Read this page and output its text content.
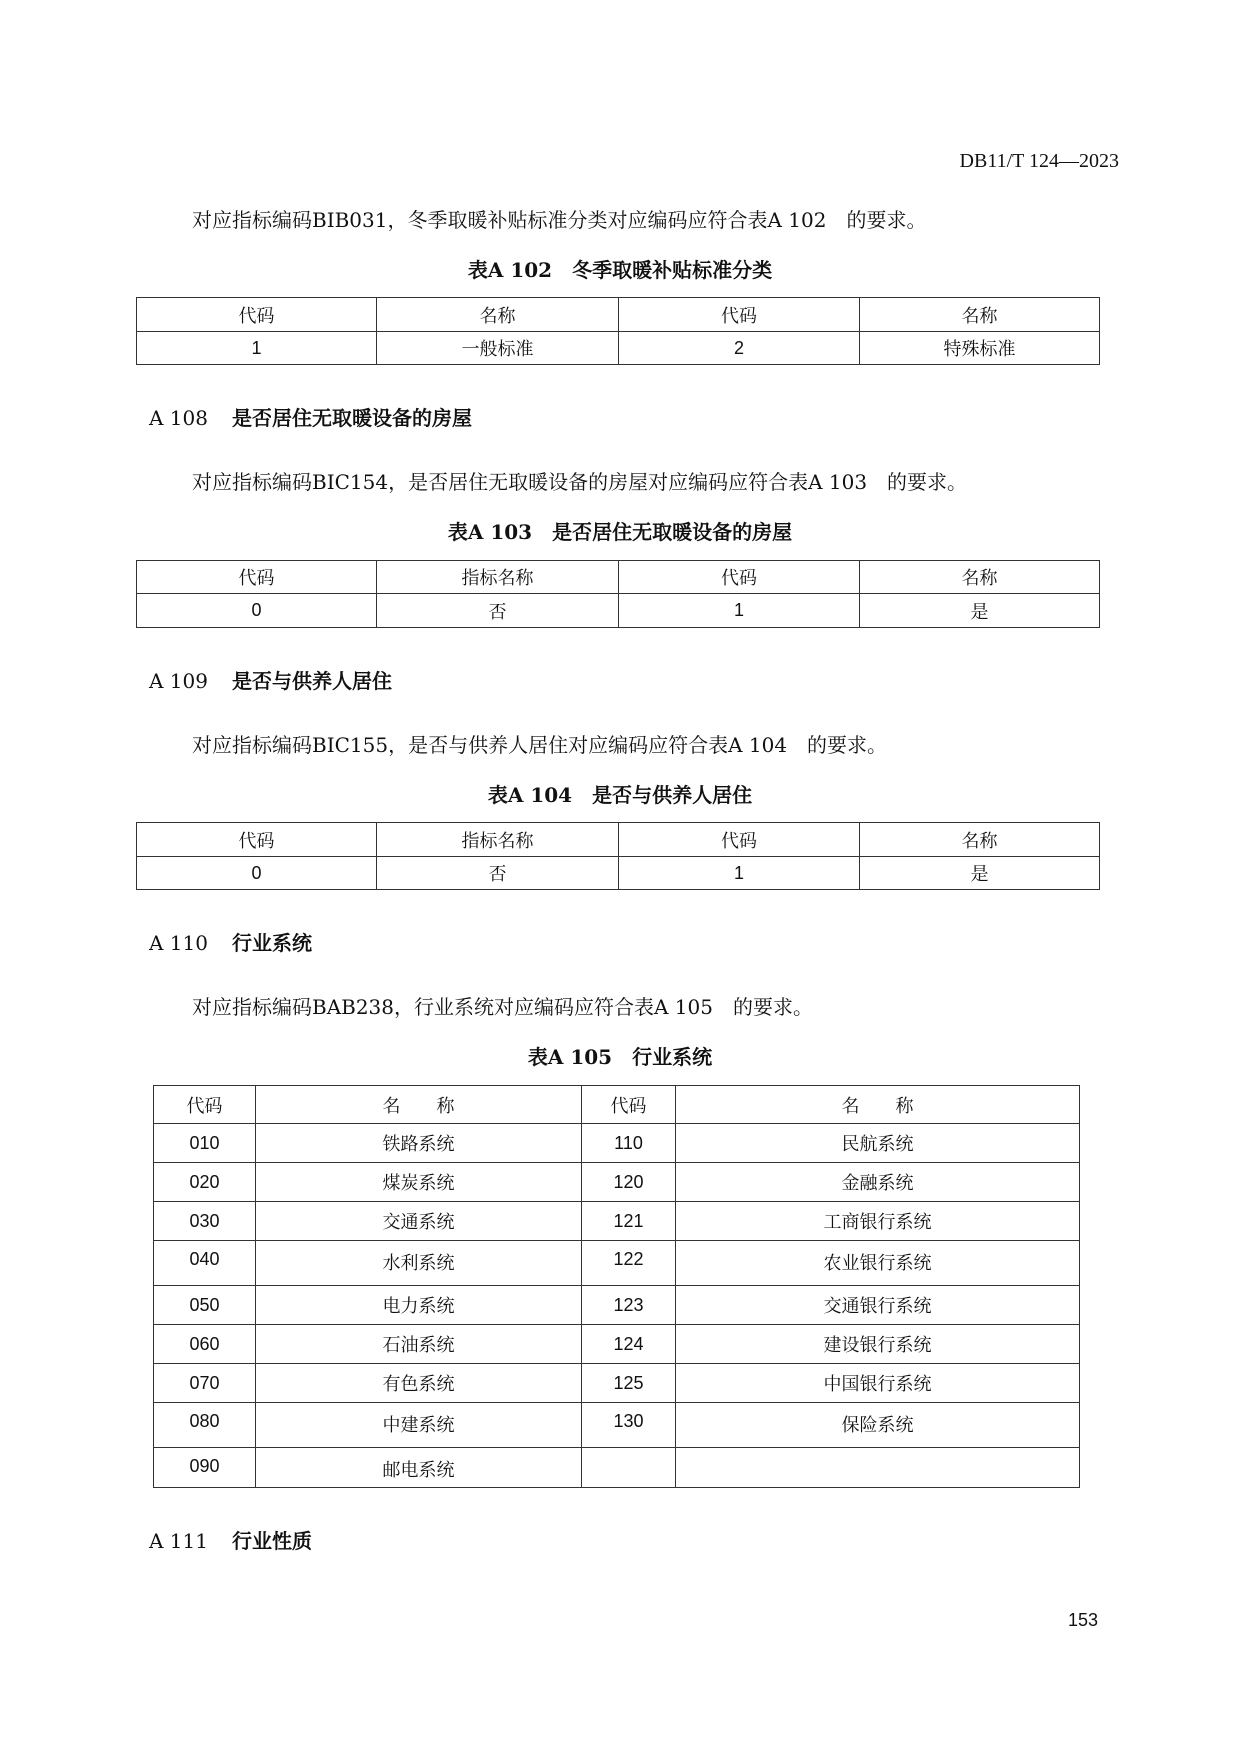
DB11/T 124—2023
对应指标编码BIB031，冬季取暖补贴标准分类对应编码应符合表A 102　的要求。
表A 102　冬季取暖补贴标准分类
代码	名称	代码	名称
1	一般标准	2	特殊标准
A 108 是否居住无取暖设备的房屋
对应指标编码BIC154，是否居住无取暖设备的房屋对应编码应符合表A 103　的要求。
表A 103　是否居住无取暖设备的房屋
代码	指标名称	代码	名称
0	否	1	是
A 109 是否与供养人居住
对应指标编码BIC155，是否与供养人居住对应编码应符合表A 104　的要求。
表A 104　是否与供养人居住
代码	指标名称	代码	名称
0	否	1	是
A 110 行业系统
对应指标编码BAB238，行业系统对应编码应符合表A 105　的要求。
表A 105　行业系统
代码	名　　称	代码	名　　称
010	铁路系统	110	民航系统
020	煤炭系统	120	金融系统
030	交通系统	121	工商银行系统
040	水利系统	122	农业银行系统
050	电力系统	123	交通银行系统
060	石油系统	124	建设银行系统
070	有色系统	125	中国银行系统
080	中建系统	130	保险系统
090	邮电系统		
A 111 行业性质
153
